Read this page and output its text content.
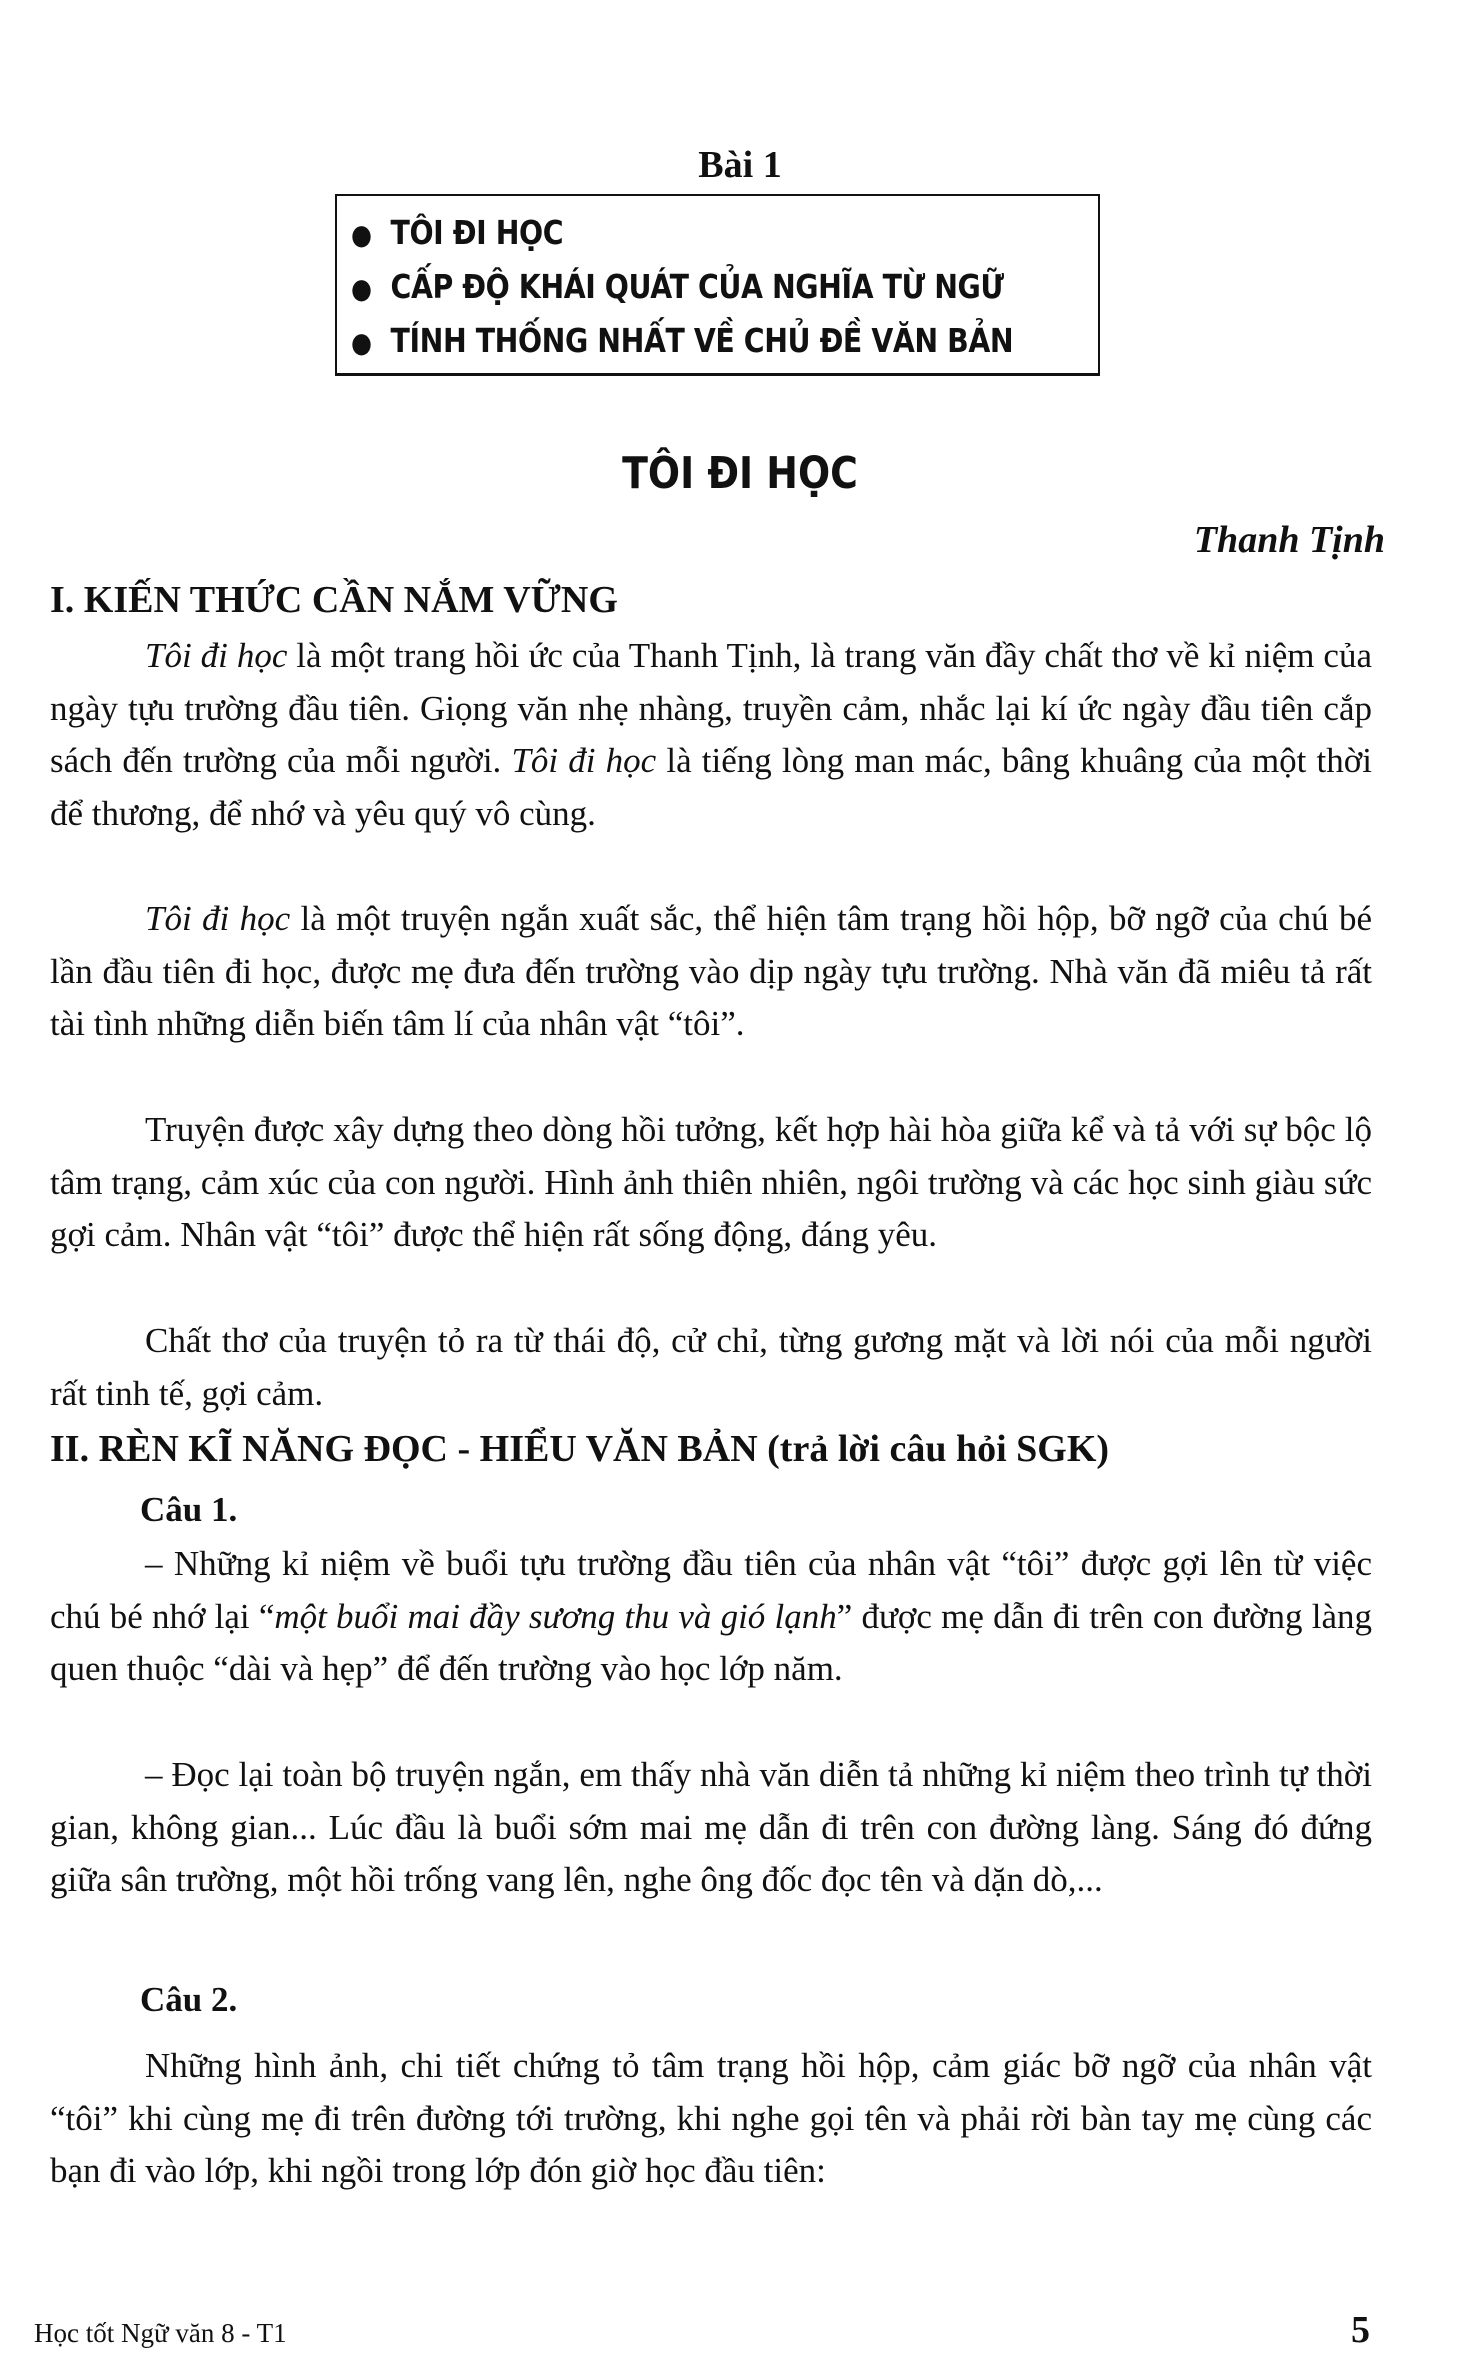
Bài 1
● TÔI ĐI HỌC
● CẤP ĐỘ KHÁI QUÁT CỦA NGHĨA TỪ NGỮ
● TÍNH THỐNG NHẤT VỀ CHỦ ĐỀ VĂN BẢN
TÔI ĐI HỌC
Thanh Tịnh
I. KIẾN THỨC CẦN NẮM VỮNG

Tôi đi học là một trang hồi ức của Thanh Tịnh, là trang văn đầy chất thơ về kỉ niệm của ngày tựu trường đầu tiên. Giọng văn nhẹ nhàng, truyền cảm, nhắc lại kí ức ngày đầu tiên cắp sách đến trường của mỗi người. Tôi đi học là tiếng lòng man mác, bâng khuâng của một thời để thương, để nhớ và yêu quý vô cùng.

Tôi đi học là một truyện ngắn xuất sắc, thể hiện tâm trạng hồi hộp, bỡ ngỡ của chú bé lần đầu tiên đi học, được mẹ đưa đến trường vào dịp ngày tựu trường. Nhà văn đã miêu tả rất tài tình những diễn biến tâm lí của nhân vật “tôi”.

Truyện được xây dựng theo dòng hồi tưởng, kết hợp hài hòa giữa kể và tả với sự bộc lộ tâm trạng, cảm xúc của con người. Hình ảnh thiên nhiên, ngôi trường và các học sinh giàu sức gợi cảm. Nhân vật “tôi” được thể hiện rất sống động, đáng yêu.

Chất thơ của truyện tỏ ra từ thái độ, cử chỉ, từng gương mặt và lời nói của mỗi người rất tinh tế, gợi cảm.

II. RÈN KĨ NĂNG ĐỌC - HIỂU VĂN BẢN (trả lời câu hỏi SGK)
Câu 1.

– Những kỉ niệm về buổi tựu trường đầu tiên của nhân vật “tôi” được gợi lên từ việc chú bé nhớ lại “một buổi mai đầy sương thu và gió lạnh” được mẹ dẫn đi trên con đường làng quen thuộc “dài và hẹp” để đến trường vào học lớp năm.

– Đọc lại toàn bộ truyện ngắn, em thấy nhà văn diễn tả những kỉ niệm theo trình tự thời gian, không gian... Lúc đầu là buổi sớm mai mẹ dẫn đi trên con đường làng. Sáng đó đứng giữa sân trường, một hồi trống vang lên, nghe ông đốc đọc tên và dặn dò,...

Câu 2.

Những hình ảnh, chi tiết chứng tỏ tâm trạng hồi hộp, cảm giác bỡ ngỡ của nhân vật “tôi” khi cùng mẹ đi trên đường tới trường, khi nghe gọi tên và phải rời bàn tay mẹ cùng các bạn đi vào lớp, khi ngồi trong lớp đón giờ học đầu tiên:

Học tốt Ngữ văn 8 - T1	5
